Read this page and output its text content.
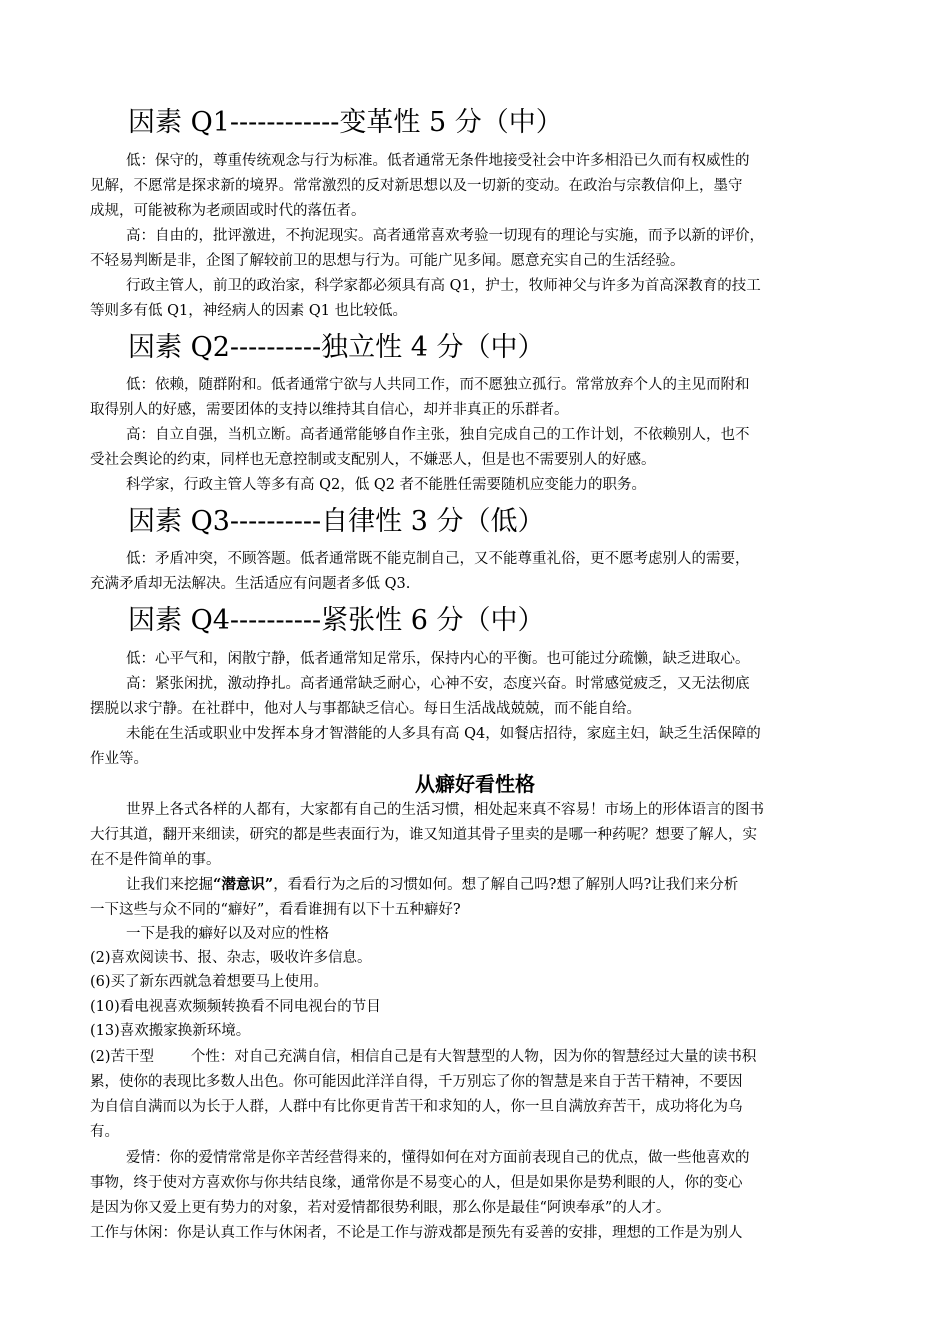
因素 Q1------------变革性 5 分（中）
低：保守的，尊重传统观念与行为标准。低者通常无条件地接受社会中许多相沿已久而有权威性的
见解，不愿常是探求新的境界。常常激烈的反对新思想以及一切新的变动。在政治与宗教信仰上，墨守
成规，可能被称为老顽固或时代的落伍者。
高：自由的，批评激进，不拘泥现实。高者通常喜欢考验一切现有的理论与实施，而予以新的评价，
不轻易判断是非，企图了解较前卫的思想与行为。可能广见多闻。愿意充实自己的生活经验。
行政主管人，前卫的政治家，科学家都必须具有高 Q1，护士，牧师神父与许多为首高深教育的技工
等则多有低 Q1，神经病人的因素 Q1 也比较低。
因素 Q2----------独立性 4 分（中）
低：依赖，随群附和。低者通常宁欲与人共同工作，而不愿独立孤行。常常放弃个人的主见而附和
取得别人的好感，需要团体的支持以维持其自信心，却并非真正的乐群者。
高：自立自强，当机立断。高者通常能够自作主张，独自完成自己的工作计划，不依赖别人，也不
受社会舆论的约束，同样也无意控制或支配别人，不嫌恶人，但是也不需要别人的好感。
科学家，行政主管人等多有高 Q2，低 Q2 者不能胜任需要随机应变能力的职务。
因素 Q3----------自律性 3 分（低）
低：矛盾冲突，不顾答题。低者通常既不能克制自己，又不能尊重礼俗，更不愿考虑别人的需要，
充满矛盾却无法解决。生活适应有问题者多低 Q3.
因素 Q4----------紧张性 6 分（中）
低：心平气和，闲散宁静，低者通常知足常乐，保持内心的平衡。也可能过分疏懒，缺乏进取心。
高：紧张闲扰，激动挣扎。高者通常缺乏耐心，心神不安，态度兴奋。时常感觉疲乏，又无法彻底
摆脱以求宁静。在社群中，他对人与事都缺乏信心。每日生活战战兢兢，而不能自给。
未能在生活或职业中发挥本身才智潜能的人多具有高 Q4，如餐店招待，家庭主妇，缺乏生活保障的
作业等。
从癖好看性格
世界上各式各样的人都有，大家都有自己的生活习惯，相处起来真不容易！市场上的形体语言的图书
大行其道，翻开来细读，研究的都是些表面行为，谁又知道其骨子里卖的是哪一种药呢？想要了解人，实
在不是件简单的事。
让我们来挖掘“潜意识”，看看行为之后的习惯如何。想了解自己吗?想了解别人吗?让我们来分析
一下这些与众不同的“癖好”，看看谁拥有以下十五种癖好?
一下是我的癖好以及对应的性格
(2)喜欢阅读书、报、杂志，吸收许多信息。
(6)买了新东西就急着想要马上使用。
(10)看电视喜欢频频转换看不同电视台的节目
(13)喜欢搬家换新环境。
(2)苦干型        个性：对自己充满自信，相信自己是有大智慧型的人物，因为你的智慧经过大量的读书积
累，使你的表现比多数人出色。你可能因此洋洋自得，千万别忘了你的智慧是来自于苦干精神，不要因
为自信自满而以为长于人群，人群中有比你更肯苦干和求知的人，你一旦自满放弃苦干，成功将化为乌
有。
爱情：你的爱情常常是你辛苦经营得来的，懂得如何在对方面前表现自己的优点，做一些他喜欢的
事物，终于使对方喜欢你与你共结良缘，通常你是不易变心的人，但是如果你是势利眼的人，你的变心
是因为你又爱上更有势力的对象，若对爱情都很势利眼，那么你是最佳“阿谀奉承”的人才。
工作与休闲：你是认真工作与休闲者，不论是工作与游戏都是预先有妥善的安排，理想的工作是为别人
